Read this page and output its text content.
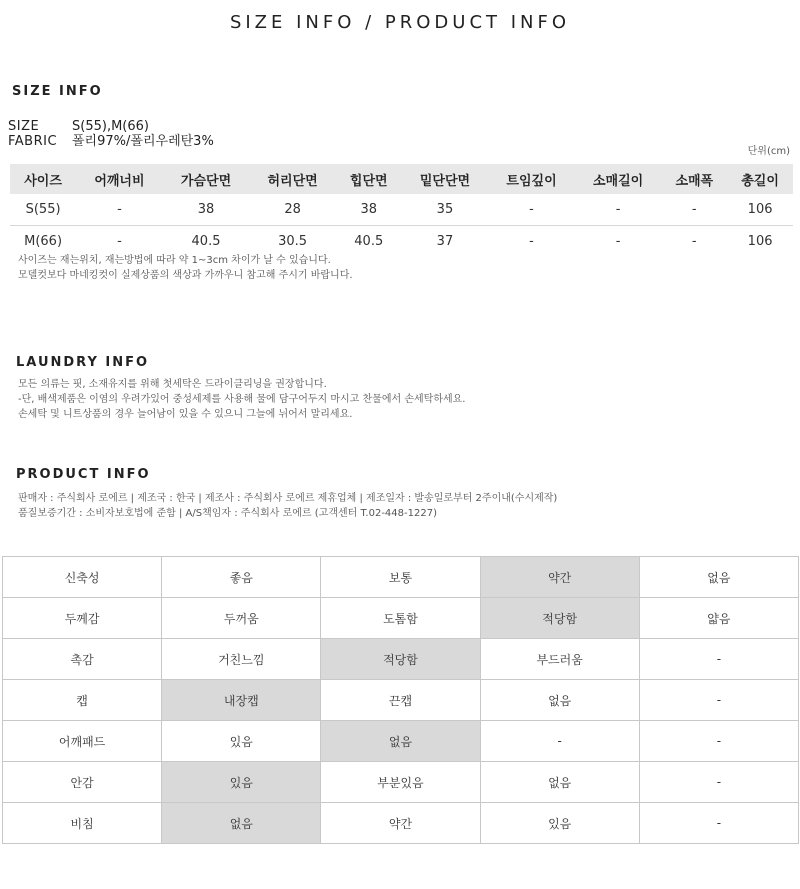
SIZE INFO / PRODUCT INFO
SIZE INFO
SIZE	S(55),M(66)
FABRIC	폴리97%/폴리우레탄3%
단위(cm)
사이즈	어깨너비	가슴단면	허리단면	힙단면	밑단단면	트임깊이	소매길이	소매폭	총길이
S(55)	-	38	28	38	35	-	-	-	106
M(66)	-	40.5	30.5	40.5	37	-	-	-	106
사이즈는 재는위치, 재는방법에 따라 약 1~3cm 차이가 날 수 있습니다.
모델컷보다 마네킹컷이 실제상품의 색상과 가까우니 참고해 주시기 바랍니다.
LAUNDRY INFO
모든 의류는 핏, 소재유지를 위해 첫세탁은 드라이클리닝을 권장합니다.
-단, 배색제품은 이염의 우려가있어 중성세제를 사용해 물에 담구어두지 마시고 찬물에서 손세탁하세요.
손세탁 및 니트상품의 경우 늘어남이 있을 수 있으니 그늘에 뉘어서 말리세요.
PRODUCT INFO
판매자 : 주식회사 로에르 | 제조국 : 한국 | 제조사 : 주식회사 로에르 제휴업체 | 제조일자 : 발송일로부터 2주이내(수시제작)
품질보증기간 : 소비자보호법에 준함 | A/S책임자 : 주식회사 로에르 (고객센터 T.02-448-1227)
신축성	좋음	보통	약간	없음
두께감	두꺼움	도톰함	적당함	얇음
촉감	거친느낌	적당함	부드러움	-
캡	내장캡	끈캡	없음	-
어깨패드	있음	없음	-	-
안감	있음	부분있음	없음	-
비침	없음	약간	있음	-
